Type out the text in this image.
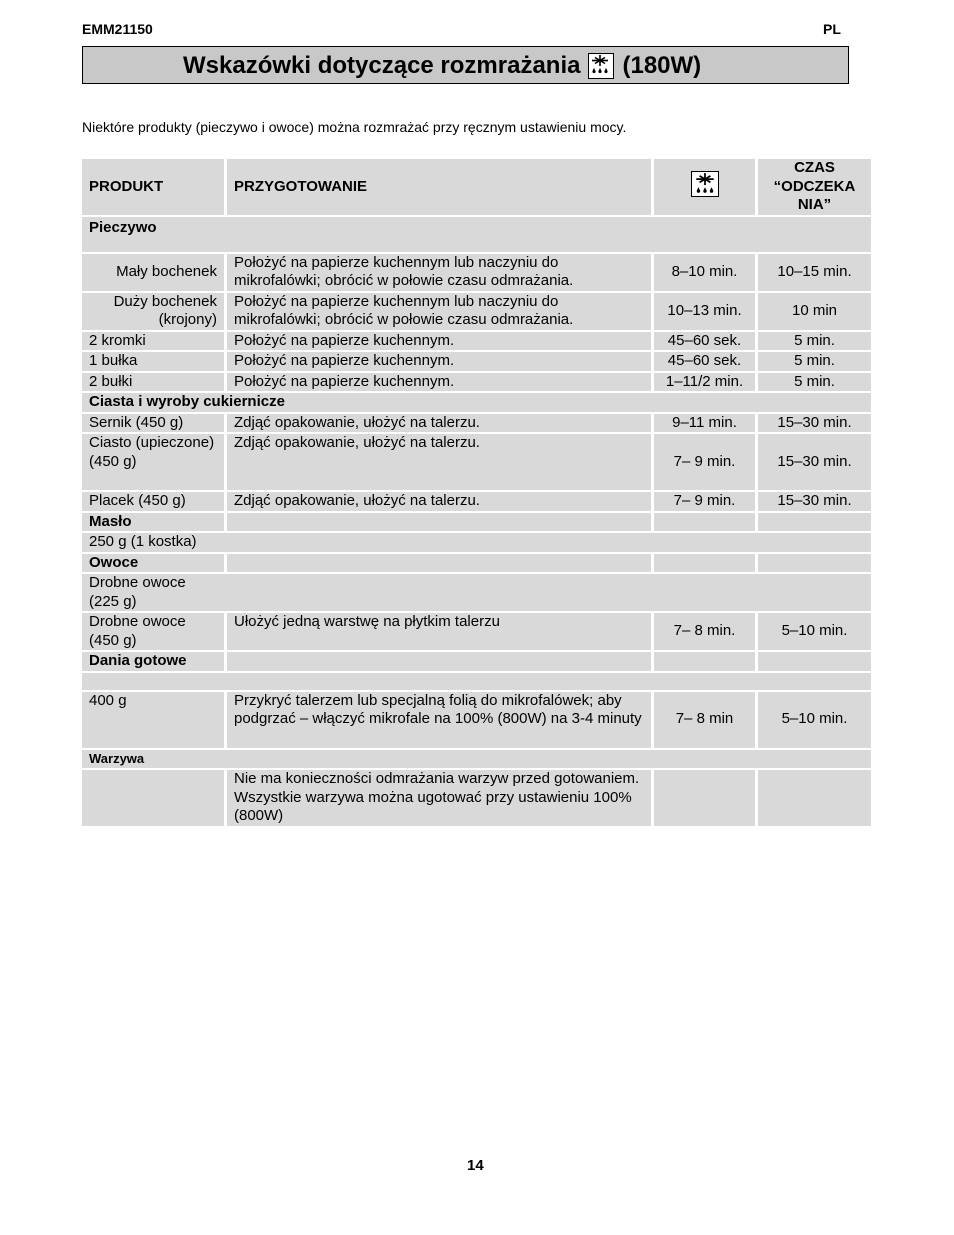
EMM21150	PL
Wskazówki dotyczące rozmrażania (180W)
Niektóre produkty (pieczywo i owoce) można rozmrażać przy ręcznym ustawieniu mocy.
PRODUKT	PRZYGOTOWANIE		CZAS “ODCZEKA NIA”
Pieczywo			
Mały bochenek	Położyć na papierze kuchennym lub naczyniu do mikrofalówki; obrócić w połowie czasu odmrażania.	8–10 min.	10–15 min.
Duży bochenek (krojony)	Położyć na papierze kuchennym lub naczyniu do mikrofalówki; obrócić w połowie czasu odmrażania.	10–13 min.	10 min
2 kromki	Położyć na papierze kuchennym.	45–60 sek.	5 min.
1 bułka	Położyć na papierze kuchennym.	45–60 sek.	5 min.
2 bułki	Położyć na papierze kuchennym.	1–11/2 min.	5 min.
Ciasta i wyroby cukiernicze			
Sernik (450 g)	Zdjąć opakowanie, ułożyć na talerzu.	9–11 min.	15–30 min.
Ciasto (upieczone) (450 g)	Zdjąć opakowanie, ułożyć na talerzu.	7– 9 min.	15–30 min.
Placek (450 g)	Zdjąć opakowanie, ułożyć na talerzu.	7– 9 min.	15–30 min.
Masło			
250 g (1 kostka)			
Owoce			

Drobne owoce (225 g)			

Drobne owoce (450 g)	Ułożyć jedną warstwę na płytkim talerzu	7– 8 min.	5–10 min.
Dania gotowe			

400 g	Przykryć talerzem lub specjalną folią do mikrofalówek; aby podgrzać – włączyć mikrofale na 100% (800W) na 3-4 minuty	7– 8 min	5–10 min.
Warzywa			
	Nie ma konieczności odmrażania warzyw przed gotowaniem. Wszystkie warzywa można ugotować przy ustawieniu 100% (800W)		
14
